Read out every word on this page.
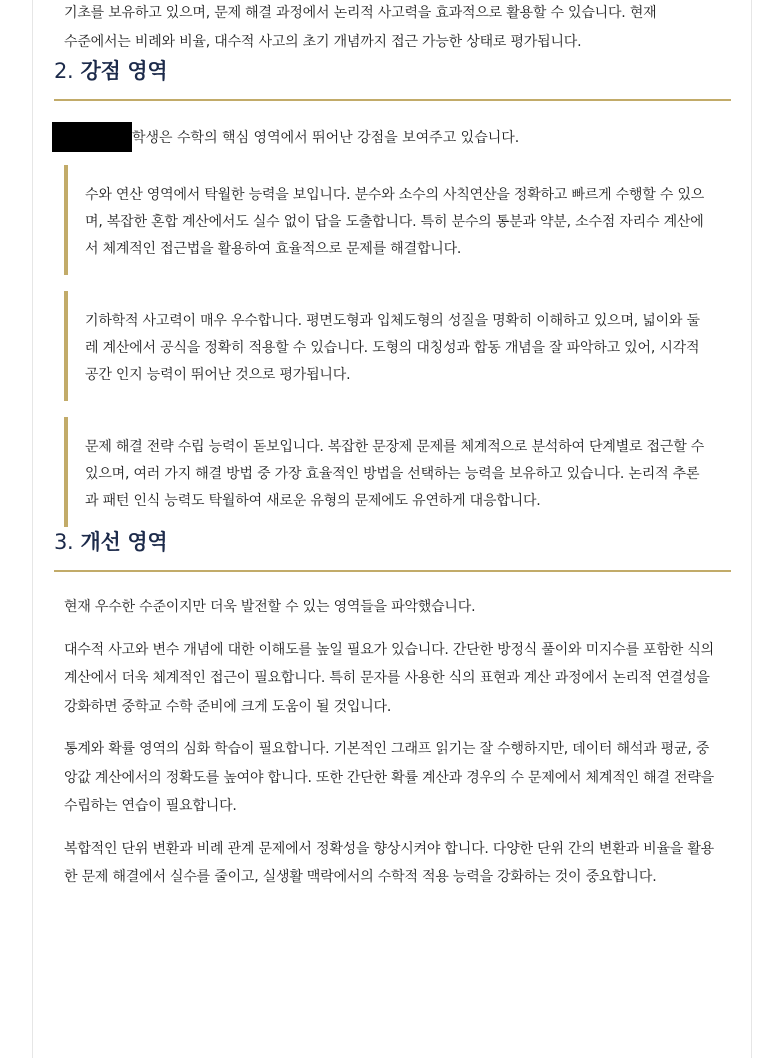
기초를 보유하고 있으며, 문제 해결 과정에서 논리적 사고력을 효과적으로 활용할 수 있습니다. 현재
수준에서는 비례와 비율, 대수적 사고의 초기 개념까지 접근 가능한 상태로 평가됩니다.

2. 강점 영역
학생은 수학의 핵심 영역에서 뛰어난 강점을 보여주고 있습니다.
수와 연산 영역에서 탁월한 능력을 보입니다. 분수와 소수의 사칙연산을 정확하고 빠르게 수행할 수 있으며, 복잡한 혼합 계산에서도 실수 없이 답을 도출합니다. 특히 분수의 통분과 약분, 소수점 자리수 계산에서 체계적인 접근법을 활용하여 효율적으로 문제를 해결합니다.
기하학적 사고력이 매우 우수합니다. 평면도형과 입체도형의 성질을 명확히 이해하고 있으며, 넓이와 둘레 계산에서 공식을 정확히 적용할 수 있습니다. 도형의 대칭성과 합동 개념을 잘 파악하고 있어, 시각적 공간 인지 능력이 뛰어난 것으로 평가됩니다.
문제 해결 전략 수립 능력이 돋보입니다. 복잡한 문장제 문제를 체계적으로 분석하여 단계별로 접근할 수 있으며, 여러 가지 해결 방법 중 가장 효율적인 방법을 선택하는 능력을 보유하고 있습니다. 논리적 추론과 패턴 인식 능력도 탁월하여 새로운 유형의 문제에도 유연하게 대응합니다.
3. 개선 영역

현재 우수한 수준이지만 더욱 발전할 수 있는 영역들을 파악했습니다.

대수적 사고와 변수 개념에 대한 이해도를 높일 필요가 있습니다. 간단한 방정식 풀이와 미지수를 포함한 식의 계산에서 더욱 체계적인 접근이 필요합니다. 특히 문자를 사용한 식의 표현과 계산 과정에서 논리적 연결성을 강화하면 중학교 수학 준비에 크게 도움이 될 것입니다.

통계와 확률 영역의 심화 학습이 필요합니다. 기본적인 그래프 읽기는 잘 수행하지만, 데이터 해석과 평균, 중앙값 계산에서의 정확도를 높여야 합니다. 또한 간단한 확률 계산과 경우의 수 문제에서 체계적인 해결 전략을 수립하는 연습이 필요합니다.

복합적인 단위 변환과 비례 관계 문제에서 정확성을 향상시켜야 합니다. 다양한 단위 간의 변환과 비율을 활용한 문제 해결에서 실수를 줄이고, 실생활 맥락에서의 수학적 적용 능력을 강화하는 것이 중요합니다.
